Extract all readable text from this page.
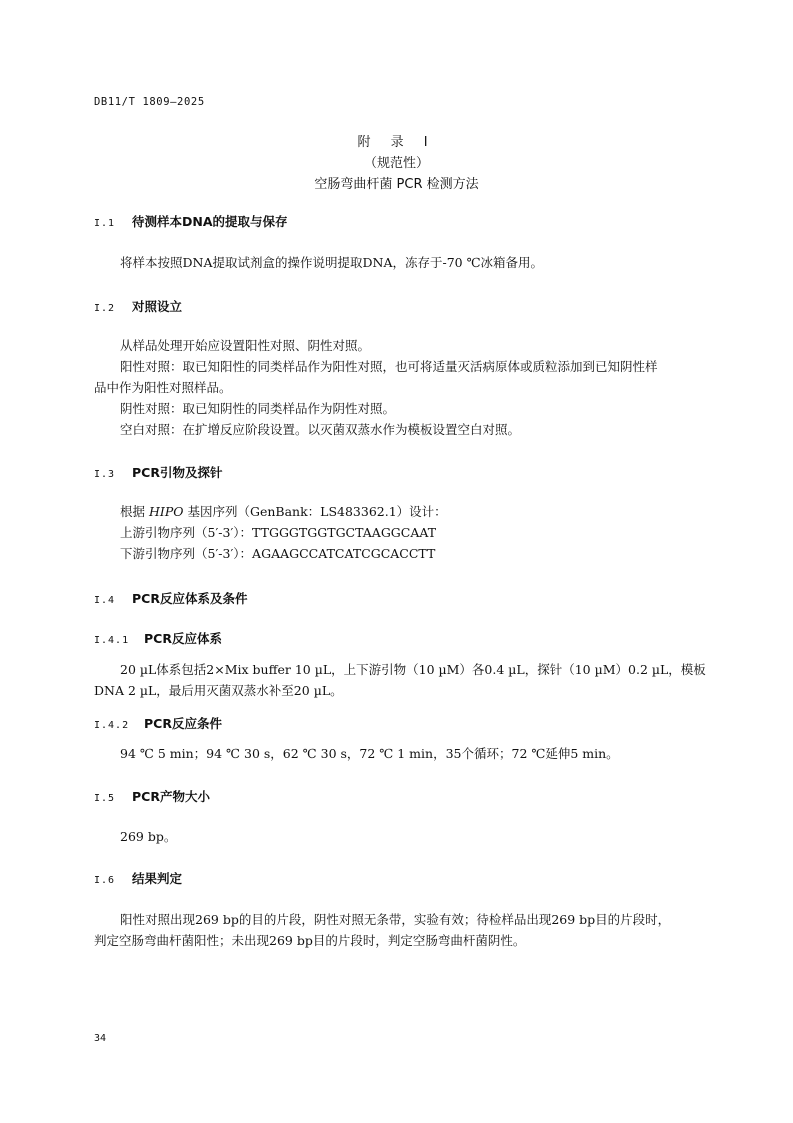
DB11/T 1809—2025
附 录 I
（规范性）
空肠弯曲杆菌 PCR 检测方法
I.1 待测样本DNA的提取与保存
将样本按照DNA提取试剂盒的操作说明提取DNA，冻存于-70 ℃冰箱备用。
I.2 对照设立
从样品处理开始应设置阳性对照、阴性对照。
阳性对照：取已知阳性的同类样品作为阳性对照，也可将适量灭活病原体或质粒添加到已知阴性样
品中作为阳性对照样品。
阴性对照：取已知阴性的同类样品作为阴性对照。
空白对照：在扩增反应阶段设置。以灭菌双蒸水作为模板设置空白对照。
I.3 PCR引物及探针
根据 HIPO 基因序列（GenBank：LS483362.1）设计：
上游引物序列（5′-3′）：TTGGGTGGTGCTAAGGCAAT
下游引物序列（5′-3′）：AGAAGCCATCATCGCACCTT
I.4 PCR反应体系及条件
I.4.1 PCR反应体系
20 µL体系包括2×Mix buffer 10 µL，上下游引物（10 µM）各0.4 µL，探针（10 µM）0.2 µL，模板
DNA 2 µL，最后用灭菌双蒸水补至20 µL。
I.4.2 PCR反应条件
94 ℃ 5 min；94 ℃ 30 s，62 ℃ 30 s，72 ℃ 1 min，35个循环；72 ℃延伸5 min。
I.5 PCR产物大小
269 bp。
I.6 结果判定
阳性对照出现269 bp的目的片段，阴性对照无条带，实验有效；待检样品出现269 bp目的片段时，
判定空肠弯曲杆菌阳性；未出现269 bp目的片段时，判定空肠弯曲杆菌阴性。
34
